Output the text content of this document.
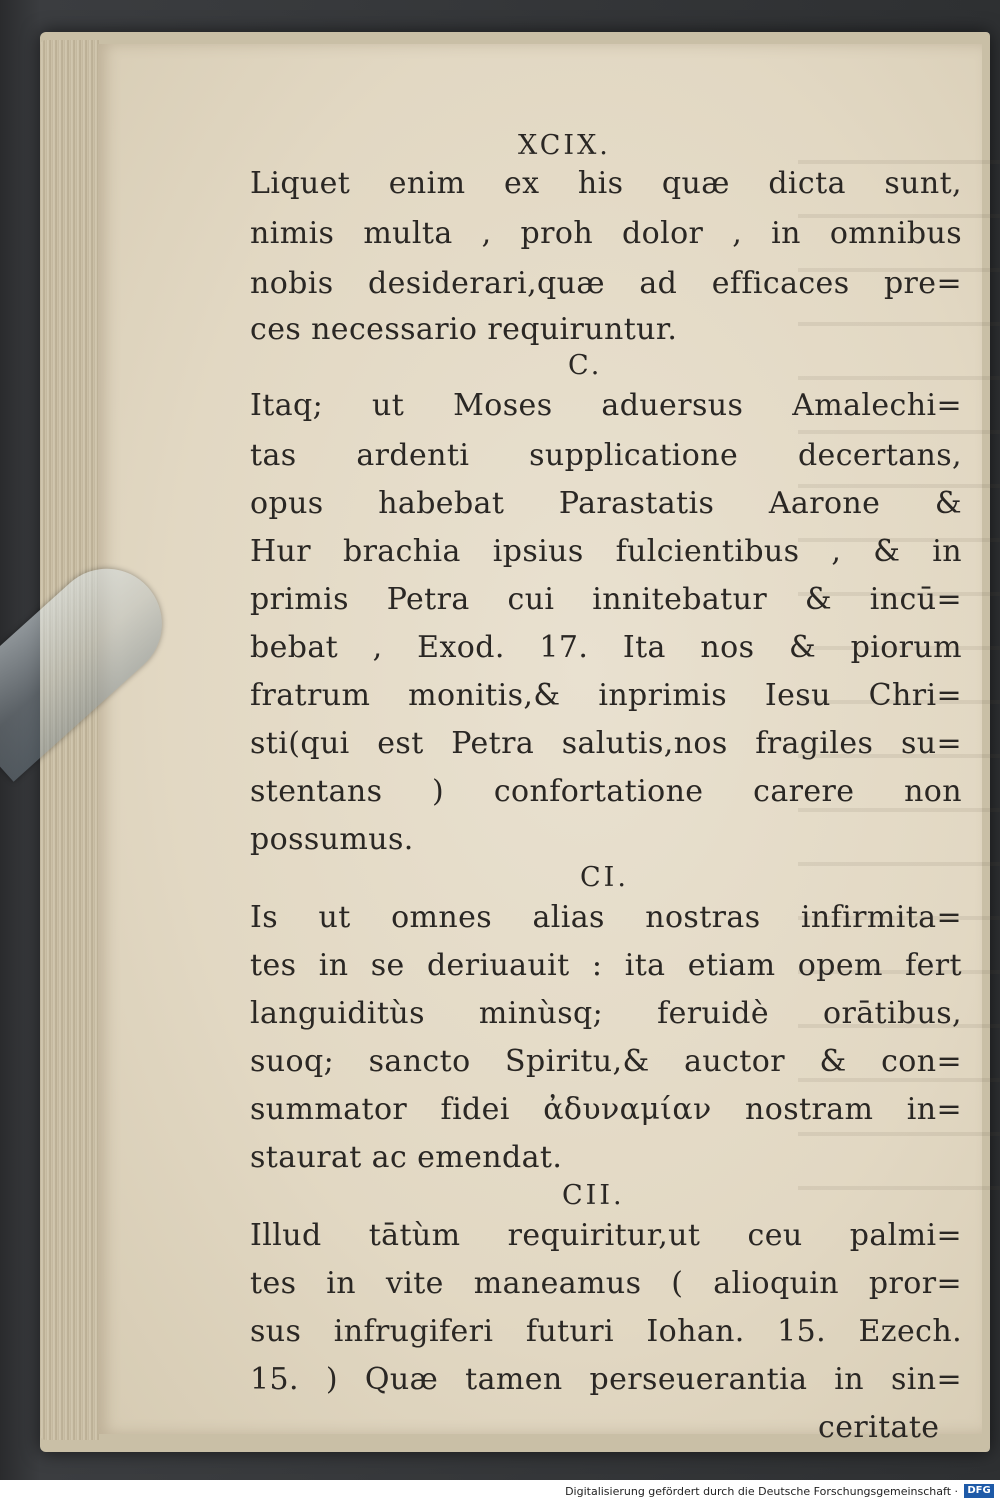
XCIX.
Liquet enim ex his quæ dicta sunt,
nimis multa , proh dolor , in omnibus
nobis desiderari,quæ ad efficaces pre=
ces necessario requiruntur.
C.
Itaq; ut Moses aduersus Amalechi=
tas ardenti supplicatione decertans,
opus habebat Parastatis Aarone &
Hur brachia ipsius fulcientibus , & in
primis Petra cui innitebatur & incū=
bebat , Exod. 17. Ita nos & piorum
fratrum monitis,& inprimis Iesu Chri=
sti(qui est Petra salutis,nos fragiles su=
stentans ) confortatione carere non
possumus.
CI.
Is ut omnes alias nostras infirmita=
tes in se deriuauit : ita etiam opem fert
languiditùs minùsq; feruidè orātibus,
suoq; sancto Spiritu,& auctor & con=
summator fidei ἀδυναμίαν nostram in=
staurat ac emendat.
CII.
Illud tātùm requiritur,ut ceu palmi=
tes in vite maneamus ( alioquin pror=
sus infrugiferi futuri Iohan. 15. Ezech.
15. ) Quæ tamen perseuerantia in sin=
ceritate
Digitalisierung gefördert durch die Deutsche Forschungsgemeinschaft · DFG
